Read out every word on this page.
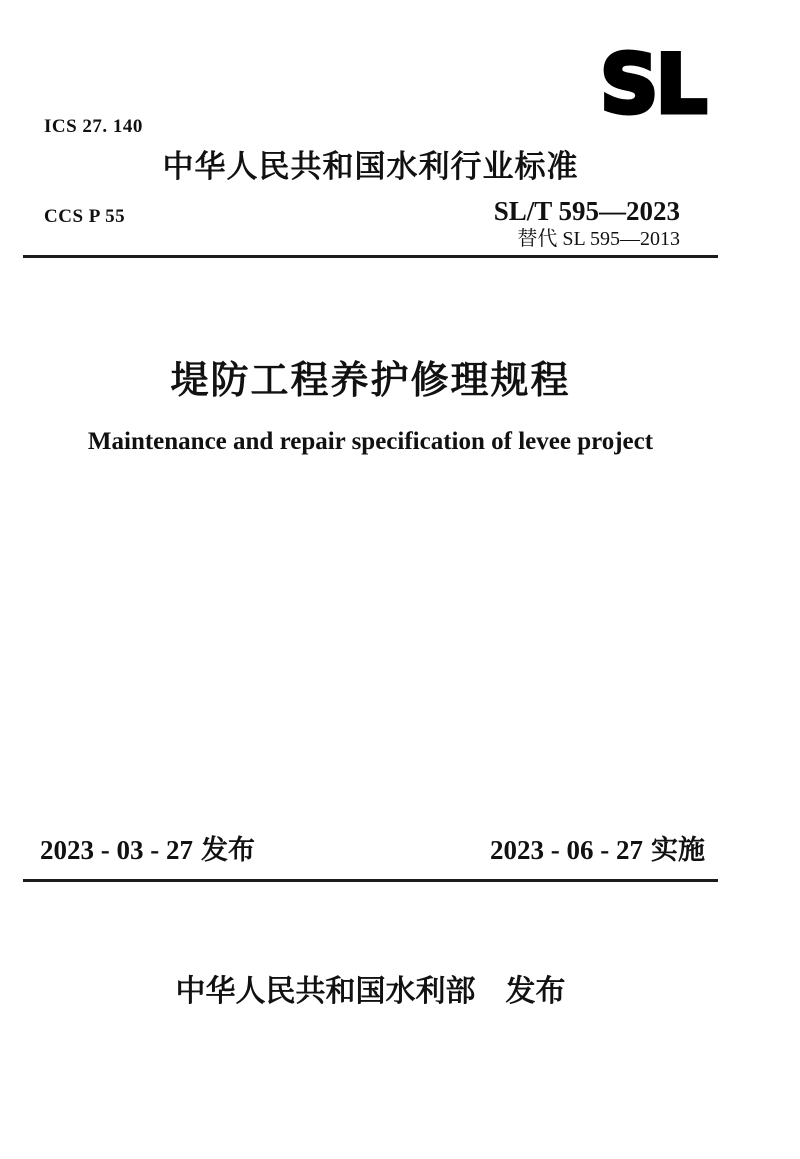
ICS 27. 140

CCS P 55

SL
中华人民共和国水利行业标准
SL/T 595—2023
替代 SL 595—2013
堤防工程养护修理规程
Maintenance and repair specification of levee project
2023 - 03 - 27 发布	2023 - 06 - 27 实施
中华人民共和国水利部 发布
